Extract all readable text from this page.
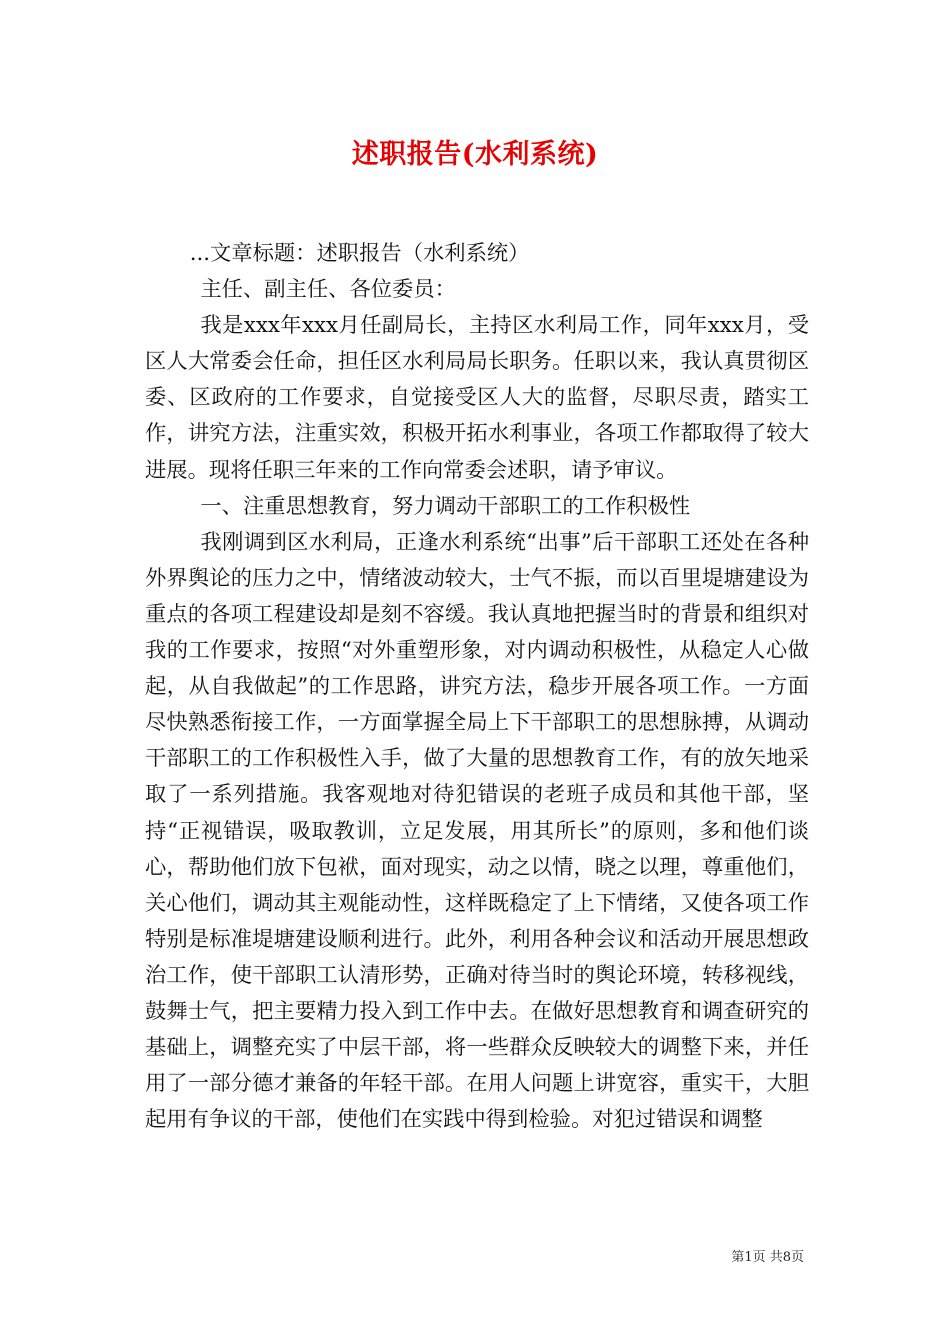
述职报告(水利系统)

...文章标题：述职报告（水利系统）

主任、副主任、各位委员：

我是xxx年xxx月任副局长，主持区水利局工作，同年xxx月，受区人大常委会任命，担任区水利局局长职务。任职以来，我认真贯彻区委、区政府的工作要求，自觉接受区人大的监督，尽职尽责，踏实工作，讲究方法，注重实效，积极开拓水利事业，各项工作都取得了较大进展。现将任职三年来的工作向常委会述职，请予审议。

一、注重思想教育，努力调动干部职工的工作积极性

我刚调到区水利局，正逢水利系统“出事”后干部职工还处在各种外界舆论的压力之中，情绪波动较大，士气不振，而以百里堤塘建设为重点的各项工程建设却是刻不容缓。我认真地把握当时的背景和组织对我的工作要求，按照“对外重塑形象，对内调动积极性，从稳定人心做起，从自我做起”的工作思路，讲究方法，稳步开展各项工作。一方面尽快熟悉衔接工作，一方面掌握全局上下干部职工的思想脉搏，从调动干部职工的工作积极性入手，做了大量的思想教育工作，有的放矢地采取了一系列措施。我客观地对待犯错误的老班子成员和其他干部，坚持“正视错误，吸取教训，立足发展，用其所长”的原则，多和他们谈心，帮助他们放下包袱，面对现实，动之以情，晓之以理，尊重他们，关心他们，调动其主观能动性，这样既稳定了上下情绪，又使各项工作特别是标准堤塘建设顺利进行。此外，利用各种会议和活动开展思想政治工作，使干部职工认清形势，正确对待当时的舆论环境，转移视线，鼓舞士气，把主要精力投入到工作中去。在做好思想教育和调查研究的基础上，调整充实了中层干部，将一些群众反映较大的调整下来，并任用了一部分德才兼备的年轻干部。在用人问题上讲宽容，重实干，大胆起用有争议的干部，使他们在实践中得到检验。对犯过错误和调整

第1页 共8页
